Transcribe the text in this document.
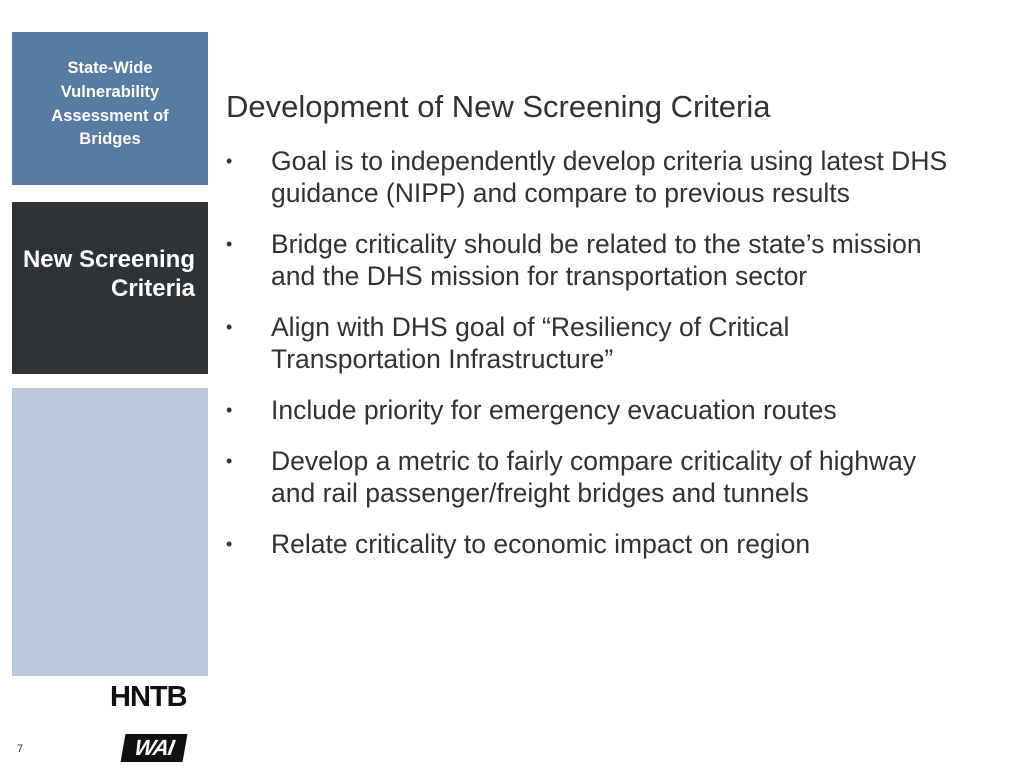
State-Wide Vulnerability Assessment of Bridges
New Screening Criteria
Development of New Screening Criteria
• Goal is to independently develop criteria using latest DHS guidance (NIPP) and compare to previous results
• Bridge criticality should be related to the state’s mission and the DHS mission for transportation sector
• Align with DHS goal of “Resiliency of Critical Transportation Infrastructure”
• Include priority for emergency evacuation routes
• Develop a metric to fairly compare criticality of highway and rail passenger/freight bridges and tunnels
• Relate criticality to economic impact on region
HNTB
WAI
7
